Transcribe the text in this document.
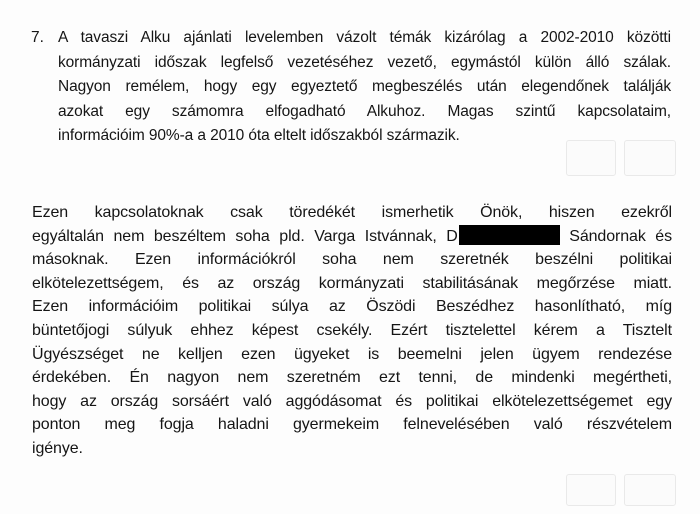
7. A tavaszi Alku ajánlati levelemben vázolt témák kizárólag a 2002-2010 közötti
kormányzati időszak legfelső vezetéséhez vezető, egymástól külön álló szálak.
Nagyon remélem, hogy egy egyeztető megbeszélés után elegendőnek találják
azokat egy számomra elfogadható Alkuhoz. Magas szintű kapcsolataim,
információim 90%-a a 2010 óta eltelt időszakból származik.
Ezen kapcsolatoknak csak töredékét ismerhetik Önök, hiszen ezekről
egyáltalán nem beszéltem soha pld. Varga Istvánnak, D	Sándornak és
másoknak. Ezen információkról soha nem szeretnék beszélni politikai
elkötelezettségem, és az ország kormányzati stabilitásának megőrzése miatt.
Ezen információim politikai súlya az Öszödi Beszédhez hasonlítható, míg
büntetőjogi súlyuk ehhez képest csekély. Ezért tisztelettel kérem a Tisztelt
Ügyészséget ne kelljen ezen ügyeket is beemelni jelen ügyem rendezése
érdekében. Én nagyon nem szeretném ezt tenni, de mindenki megértheti,
hogy az ország sorsáért való aggódásomat és politikai elkötelezettségemet egy
ponton meg fogja haladni gyermekeim felnevelésében való részvételem
igénye.
